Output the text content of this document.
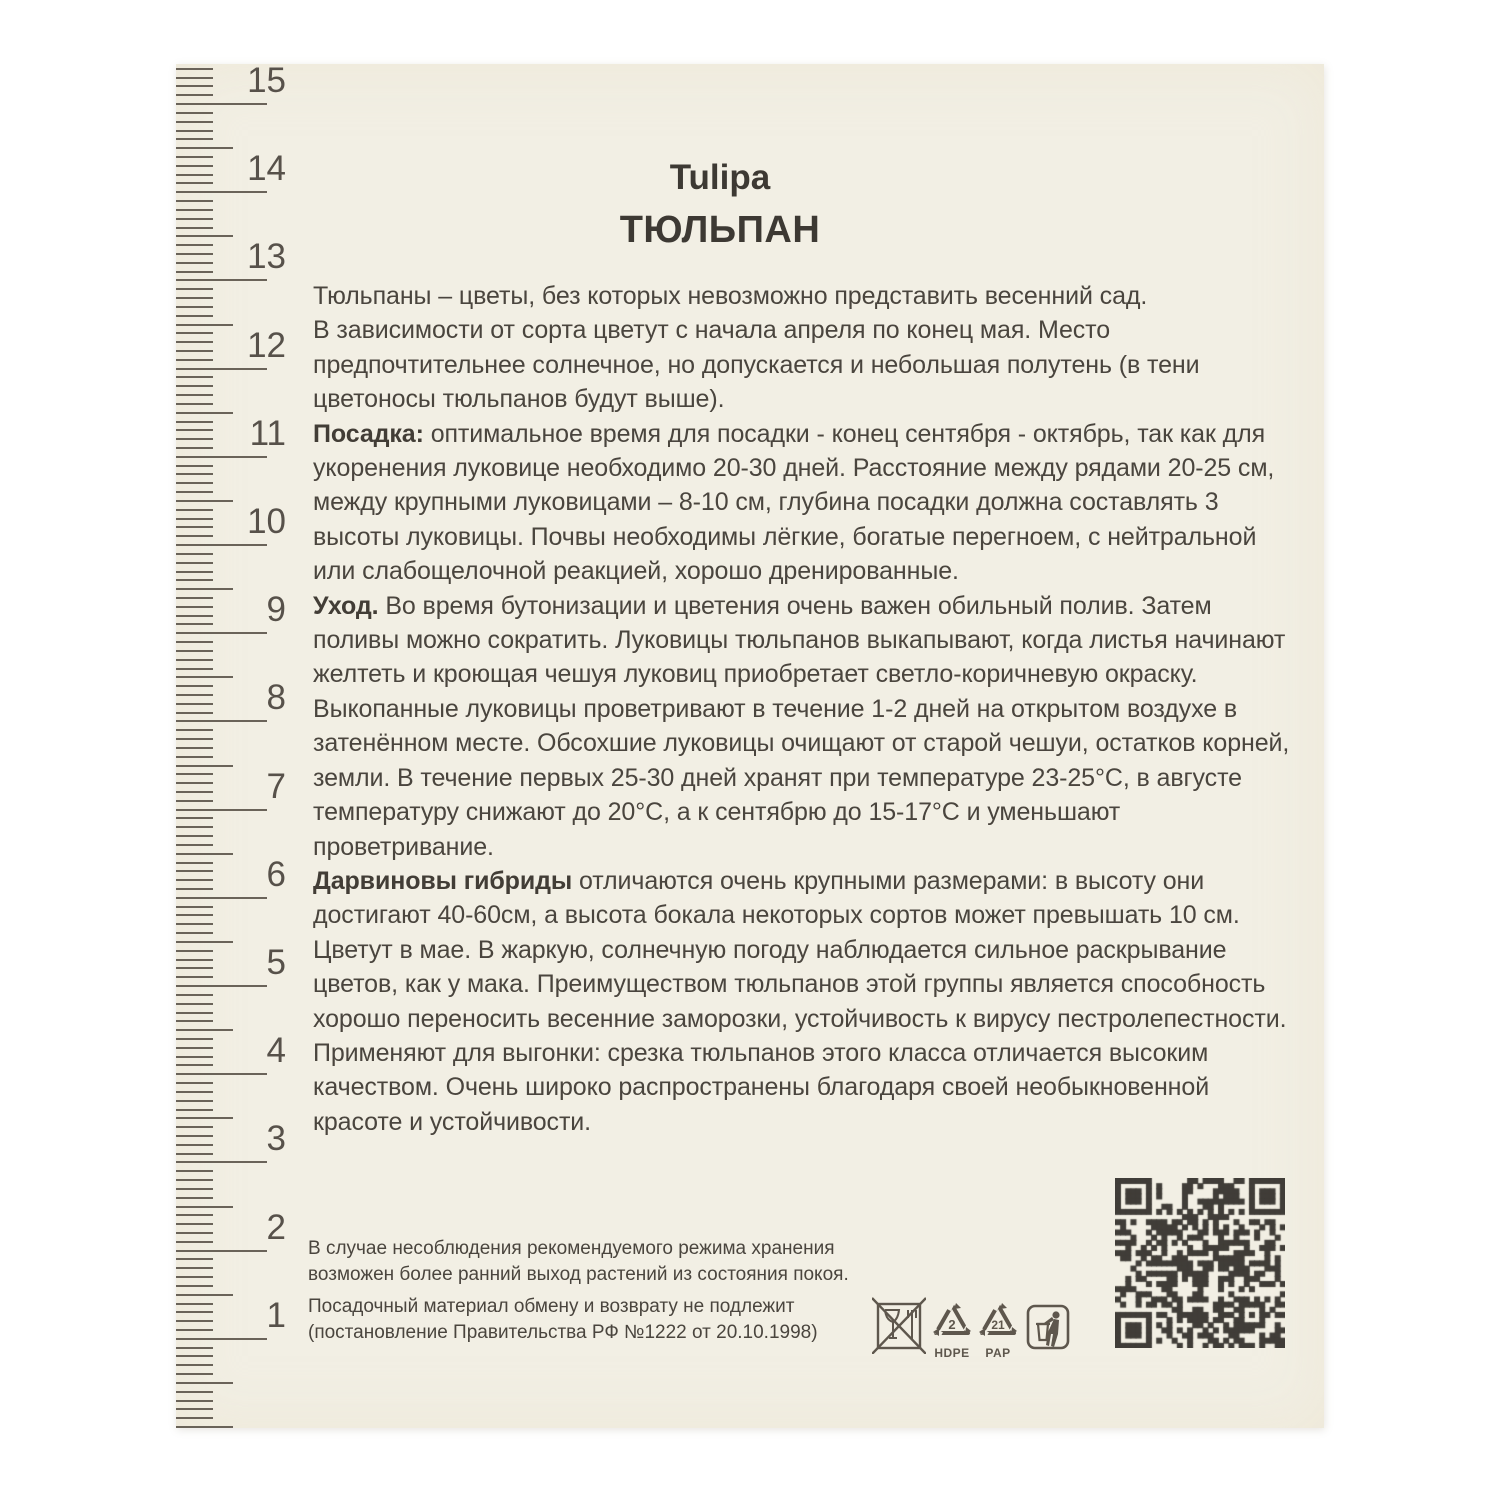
15
14
13
12
11
10
9
8
7
6
5
4
3
2
1
Tulipa
ТЮЛЬПАН

Тюльпаны – цветы, без которых невозможно представить весенний сад.

В зависимости от сорта цветут с начала апреля по конец мая. Место предпочтительнее солнечное, но допускается и небольшая полутень (в тени цветоносы тюльпанов будут выше).

Посадка: оптимальное время для посадки - конец сентября - октябрь, так как для укоренения луковице необходимо 20-30 дней. Расстояние между рядами 20-25 см, между крупными луковицами – 8-10 см, глубина посадки должна составлять 3 высоты луковицы. Почвы необходимы лёгкие, богатые перегноем, с нейтральной или слабощелочной реакцией, хорошо дренированные.

Уход. Во время бутонизации и цветения очень важен обильный полив. Затем поливы можно сократить. Луковицы тюльпанов выкапывают, когда листья начинают желтеть и кроющая чешуя луковиц приобретает светло-коричневую окраску. Выкопанные луковицы проветривают в течение 1-2 дней на открытом воздухе в затенённом месте. Обсохшие луковицы очищают от старой чешуи, остатков корней, земли. В течение первых 25-30 дней хранят при температуре 23-25°С, в августе температуру снижают до 20°С, а к сентябрю до 15-17°С и уменьшают проветривание.

Дарвиновы гибриды отличаются очень крупными размерами: в высоту они достигают 40-60см, а высота бокала некоторых сортов может превышать 10 см. Цветут в мае. В жаркую, солнечную погоду наблюдается сильное раскрывание цветов, как у мака. Преимуществом тюльпанов этой группы является способность хорошо переносить весенние заморозки, устойчивость к вирусу пестролепестности. Применяют для выгонки: срезка тюльпанов этого класса отличается высоким качеством. Очень широко распространены благодаря своей необыкновенной красоте и устойчивости.

В случае несоблюдения рекомендуемого режима хранения возможен более ранний выход растений из состояния покоя.

Посадочный материал обмену и возврату не подлежит

(постановление Правительства РФ №1222 от 20.10.1998)	2
HDPE
21
PAP
